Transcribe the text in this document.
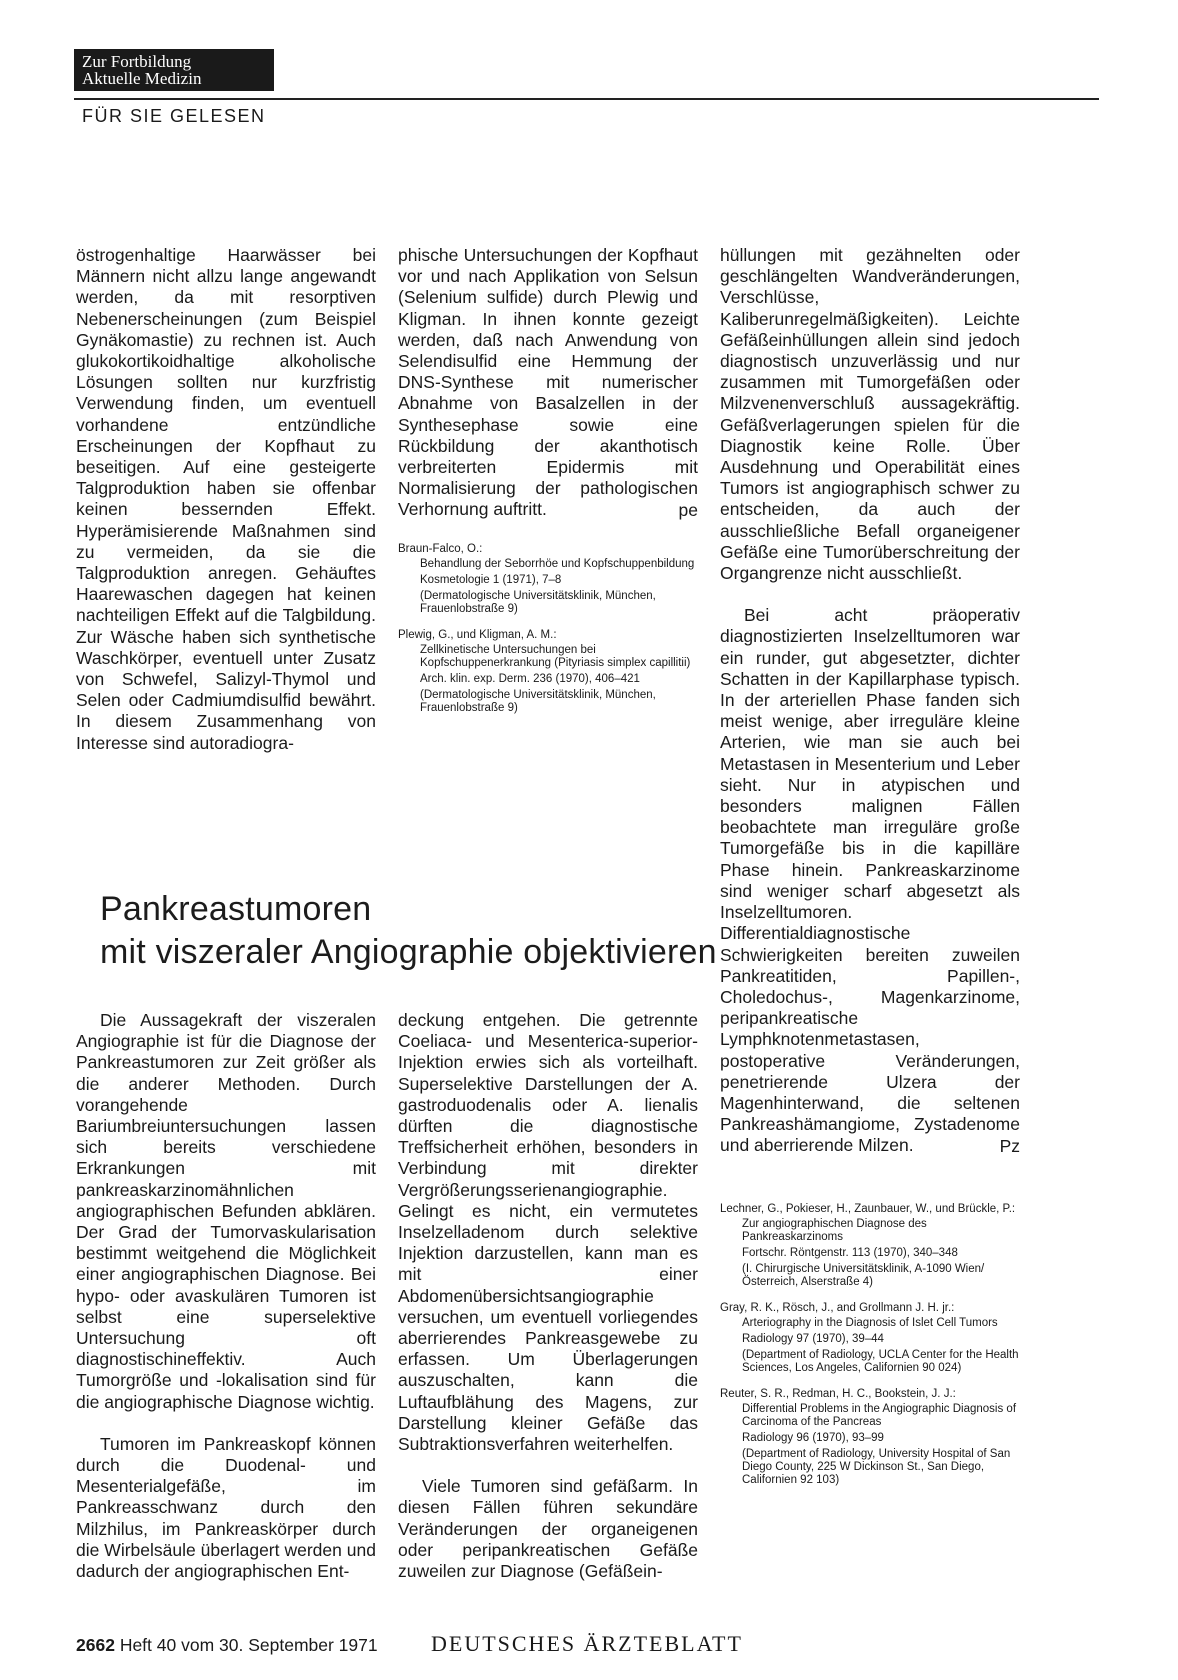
Zur Fortbildung
Aktuelle Medizin
FÜR SIE GELESEN

östrogenhaltige Haarwässer bei Männern nicht allzu lange angewandt werden, da mit resorptiven Nebenerscheinungen (zum Beispiel Gynäkomastie) zu rechnen ist. Auch glukokortikoidhaltige alkoholische Lösungen sollten nur kurzfristig Verwendung finden, um eventuell vorhandene entzündliche Erscheinungen der Kopfhaut zu beseitigen. Auf eine gesteigerte Talgproduktion haben sie offenbar keinen bessernden Effekt. Hyperämisierende Maßnahmen sind zu vermeiden, da sie die Talgproduktion anregen. Gehäuftes Haarewaschen dagegen hat keinen nachteiligen Effekt auf die Talgbildung. Zur Wäsche haben sich synthetische Waschkörper, eventuell unter Zusatz von Schwefel, Salizyl-Thymol und Selen oder Cadmiumdisulfid bewährt. In diesem Zusammenhang von Interesse sind autoradiogra-

phische Untersuchungen der Kopfhaut vor und nach Applikation von Selsun (Selenium sulfide) durch Plewig und Kligman. In ihnen konnte gezeigt werden, daß nach Anwendung von Selendisulfid eine Hemmung der DNS-Synthese mit numerischer Abnahme von Basalzellen in der Synthesephase sowie eine Rückbildung der akanthotisch verbreiterten Epidermis mit Normalisierung der pathologischen Verhornung auftritt.	pe

Braun-Falco, O.:

Behandlung der Seborrhöe und Kopfschuppenbildung

Kosmetologie 1 (1971), 7–8

(Dermatologische Universitätsklinik, München, Frauenlobstraße 9)

Plewig, G., und Kligman, A. M.:

Zellkinetische Untersuchungen bei Kopfschuppenerkrankung (Pityriasis simplex capillitii)

Arch. klin. exp. Derm. 236 (1970), 406–421

(Dermatologische Universitätsklinik, München, Frauenlobstraße 9)

Pankreastumoren
mit viszeraler Angiographie objektivieren

Die Aussagekraft der viszeralen Angiographie ist für die Diagnose der Pankreastumoren zur Zeit größer als die anderer Methoden. Durch vorangehende Bariumbreiuntersuchungen lassen sich bereits verschiedene Erkrankungen mit pankreaskarzinomähnlichen angiographischen Befunden abklären. Der Grad der Tumorvaskularisation bestimmt weitgehend die Möglichkeit einer angiographischen Diagnose. Bei hypo- oder avaskulären Tumoren ist selbst eine superselektive Untersuchung oft diagnostischineffektiv. Auch Tumorgröße und -lokalisation sind für die angiographische Diagnose wichtig.

Tumoren im Pankreaskopf können durch die Duodenal- und Mesenterialgefäße, im Pankreasschwanz durch den Milzhilus, im Pankreaskörper durch die Wirbelsäule überlagert werden und dadurch der angiographischen Ent-

deckung entgehen. Die getrennte Coeliaca- und Mesenterica-superior-Injektion erwies sich als vorteilhaft. Superselektive Darstellungen der A. gastroduodenalis oder A. lienalis dürften die diagnostische Treffsicherheit erhöhen, besonders in Verbindung mit direkter Vergrößerungsserienangiographie. Gelingt es nicht, ein vermutetes Inselzelladenom durch selektive Injektion darzustellen, kann man es mit einer Abdomenübersichtsangiographie versuchen, um eventuell vorliegendes aberrierendes Pankreasgewebe zu erfassen. Um Überlagerungen auszuschalten, kann die Luftaufblähung des Magens, zur Darstellung kleiner Gefäße das Subtraktionsverfahren weiterhelfen.

Viele Tumoren sind gefäßarm. In diesen Fällen führen sekundäre Veränderungen der organeigenen oder peripankreatischen Gefäße zuweilen zur Diagnose (Gefäßein-

hüllungen mit gezähnelten oder geschlängelten Wandveränderungen, Verschlüsse, Kaliberunregelmäßigkeiten). Leichte Gefäßeinhüllungen allein sind jedoch diagnostisch unzuverlässig und nur zusammen mit Tumorgefäßen oder Milzvenenverschluß aussagekräftig. Gefäßverlagerungen spielen für die Diagnostik keine Rolle. Über Ausdehnung und Operabilität eines Tumors ist angiographisch schwer zu entscheiden, da auch der ausschließliche Befall organeigener Gefäße eine Tumorüberschreitung der Organgrenze nicht ausschließt.

Bei acht präoperativ diagnostizierten Inselzelltumoren war ein runder, gut abgesetzter, dichter Schatten in der Kapillarphase typisch. In der arteriellen Phase fanden sich meist wenige, aber irreguläre kleine Arterien, wie man sie auch bei Metastasen in Mesenterium und Leber sieht. Nur in atypischen und besonders malignen Fällen beobachtete man irreguläre große Tumorgefäße bis in die kapilläre Phase hinein. Pankreaskarzinome sind weniger scharf abgesetzt als Inselzelltumoren. Differentialdiagnostische Schwierigkeiten bereiten zuweilen Pankreatitiden, Papillen-, Choledochus-, Magenkarzinome, peripankreatische Lymphknotenmetastasen, postoperative Veränderungen, penetrierende Ulzera der Magenhinterwand, die seltenen Pankreashämangiome, Zystadenome und aberrierende Milzen.	Pz

Lechner, G., Pokieser, H., Zaunbauer, W., und Brückle, P.:

Zur angiographischen Diagnose des Pankreaskarzinoms

Fortschr. Röntgenstr. 113 (1970), 340–348

(I. Chirurgische Universitätsklinik, A-1090 Wien/Österreich, Alserstraße 4)

Gray, R. K., Rösch, J., and Grollmann J. H. jr.:

Arteriography in the Diagnosis of Islet Cell Tumors

Radiology 97 (1970), 39–44

(Department of Radiology, UCLA Center for the Health Sciences, Los Angeles, Californien 90 024)

Reuter, S. R., Redman, H. C., Bookstein, J. J.:

Differential Problems in the Angiographic Diagnosis of Carcinoma of the Pancreas

Radiology 96 (1970), 93–99

(Department of Radiology, University Hospital of San Diego County, 225 W Dickinson St., San Diego, Californien 92 103)

2662 Heft 40 vom 30. September 1971 DEUTSCHES ÄRZTEBLATT
